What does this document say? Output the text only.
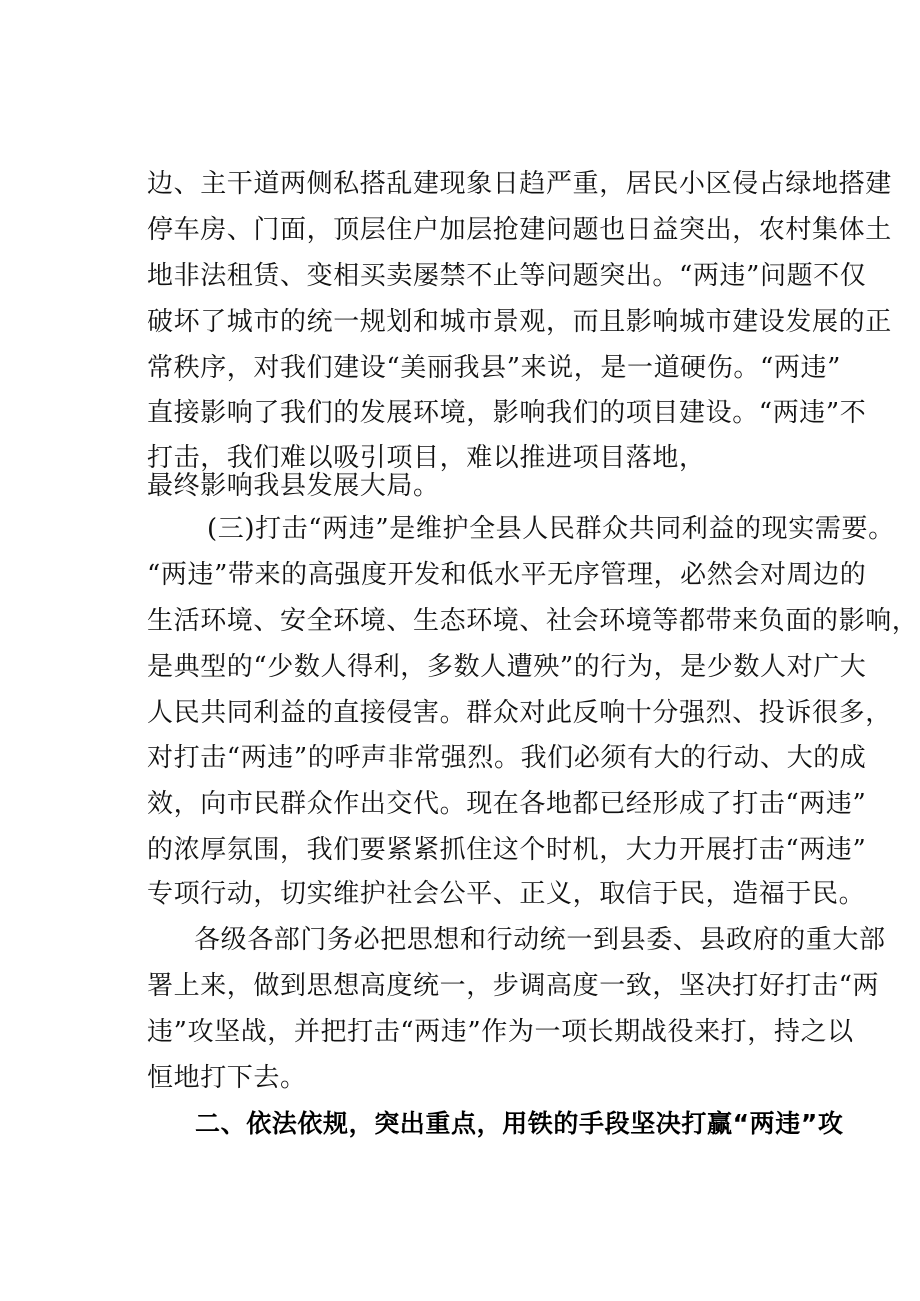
边、主干道两侧私搭乱建现象日趋严重，居民小区侵占绿地搭建

停车房、门面，顶层住户加层抢建问题也日益突出，农村集体土

地非法租赁、变相买卖屡禁不止等问题突出。“两违”问题不仅

破坏了城市的统一规划和城市景观，而且影响城市建设发展的正

常秩序，对我们建设“美丽我县”来说，是一道硬伤。“两违”

直接影响了我们的发展环境，影响我们的项目建设。“两违”不

打击，我们难以吸引项目，难以推进项目落地，

最终影响我县发展大局。

(三)打击“两违”是维护全县人民群众共同利益的现实需要。

“两违”带来的高强度开发和低水平无序管理，必然会对周边的

生活环境、安全环境、生态环境、社会环境等都带来负面的影响，

是典型的“少数人得利，多数人遭殃”的行为，是少数人对广大

人民共同利益的直接侵害。群众对此反响十分强烈、投诉很多，

对打击“两违”的呼声非常强烈。我们必须有大的行动、大的成

效，向市民群众作出交代。现在各地都已经形成了打击“两违”

的浓厚氛围，我们要紧紧抓住这个时机，大力开展打击“两违”

专项行动，切实维护社会公平、正义，取信于民，造福于民。

各级各部门务必把思想和行动统一到县委、县政府的重大部

署上来，做到思想高度统一，步调高度一致，坚决打好打击“两

违”攻坚战，并把打击“两违”作为一项长期战役来打，持之以

恒地打下去。

二、依法依规，突出重点，用铁的手段坚决打赢“两违”攻
